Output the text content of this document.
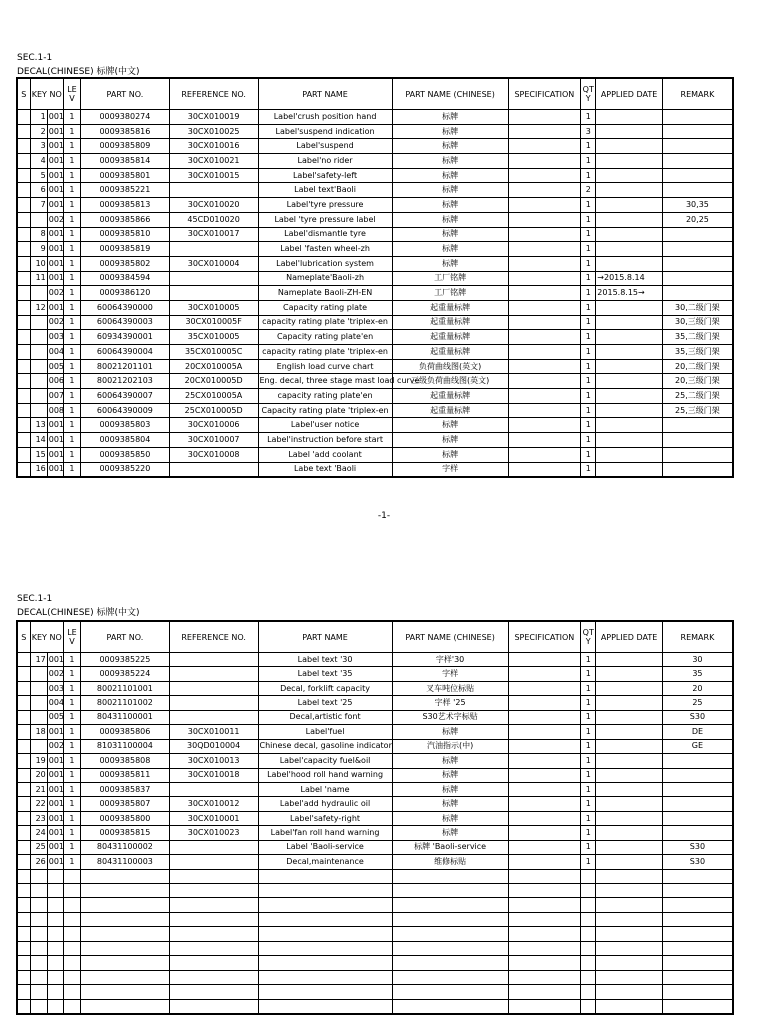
SEC.1-1
DECAL(CHINESE) 标牌(中文)
S	KEY NO		LE V	PART NO.	REFERENCE NO.	PART NAME	PART NAME (CHINESE)	SPECIFICATION	QT Y	APPLIED DATE	REMARK
	1	001	1	0009380274	30CX010019	Label'crush position hand	标牌		1		
	2	001	1	0009385816	30CX010025	Label'suspend indication	标牌		3		
	3	001	1	0009385809	30CX010016	Label'suspend	标牌		1		
	4	001	1	0009385814	30CX010021	Label'no rider	标牌		1		
	5	001	1	0009385801	30CX010015	Label'safety-left	标牌		1		
	6	001	1	0009385221		Label text'Baoli	标牌		2		
	7	001	1	0009385813	30CX010020	Label'tyre pressure	标牌		1		30,35
		002	1	0009385866	45CD010020	Label 'tyre pressure label	标牌		1		20,25
	8	001	1	0009385810	30CX010017	Label'dismantle tyre	标牌		1		
	9	001	1	0009385819		Label 'fasten wheel-zh	标牌		1		
	10	001	1	0009385802	30CX010004	Label'lubrication system	标牌		1		
	11	001	1	0009384594		Nameplate'Baoli-zh	工厂铭牌		1	→2015.8.14	
		002	1	0009386120		Nameplate Baoli-ZH-EN	工厂铭牌		1	2015.8.15→	
	12	001	1	60064390000	30CX010005	Capacity rating plate	起重量标牌		1		30,二级门架
		002	1	60064390003	30CX010005F	capacity rating plate 'triplex-en	起重量标牌		1		30,三级门架
		003	1	60934390001	35CX010005	Capacity rating plate'en	起重量标牌		1		35,二级门架
		004	1	60064390004	35CX010005C	capacity rating plate 'triplex-en	起重量标牌		1		35,三级门架
		005	1	80021201101	20CX010005A	English load curve chart	负荷曲线图(英文)		1		20,二级门架
		006	1	80021202103	20CX010005D	Eng. decal, three stage mast load curve	三级负荷曲线图(英文)		1		20,三级门架
		007	1	60064390007	25CX010005A	capacity rating plate'en	起重量标牌		1		25,二级门架
		008	1	60064390009	25CX010005D	Capacity rating plate 'triplex-en	起重量标牌		1		25,三级门架
	13	001	1	0009385803	30CX010006	Label'user notice	标牌		1		
	14	001	1	0009385804	30CX010007	Label'instruction before start	标牌		1		
	15	001	1	0009385850	30CX010008	Label 'add coolant	标牌		1		
	16	001	1	0009385220		Labe text 'Baoli	字样		1		
-1-
SEC.1-1
DECAL(CHINESE) 标牌(中文)
S	KEY NO		LE V	PART NO.	REFERENCE NO.	PART NAME	PART NAME (CHINESE)	SPECIFICATION	QT Y	APPLIED DATE	REMARK
	17	001	1	0009385225		Label text '30	字样'30		1		30
		002	1	0009385224		Label text '35	字样		1		35
		003	1	80021101001		Decal, forklift capacity	叉车吨位标贴		1		20
		004	1	80021101002		Label text '25	字样 '25		1		25
		005	1	80431100001		Decal,artistic font	S30艺术字标贴		1		S30
	18	001	1	0009385806	30CX010011	Label'fuel	标牌		1		DE
		002	1	81031100004	30QD010004	Chinese decal, gasoline indicator	汽油指示(中)		1		GE
	19	001	1	0009385808	30CX010013	Label'capacity fuel&oil	标牌		1		
	20	001	1	0009385811	30CX010018	Label'hood roll hand warning	标牌		1		
	21	001	1	0009385837		Label 'name	标牌		1		
	22	001	1	0009385807	30CX010012	Label'add hydraulic oil	标牌		1		
	23	001	1	0009385800	30CX010001	Label'safety-right	标牌		1		
	24	001	1	0009385815	30CX010023	Label'fan roll hand warning	标牌		1		
	25	001	1	80431100002		Label 'Baoli-service	标牌 'Baoli-service		1		S30
	26	001	1	80431100003		Decal,maintenance	维修标贴		1		S30
